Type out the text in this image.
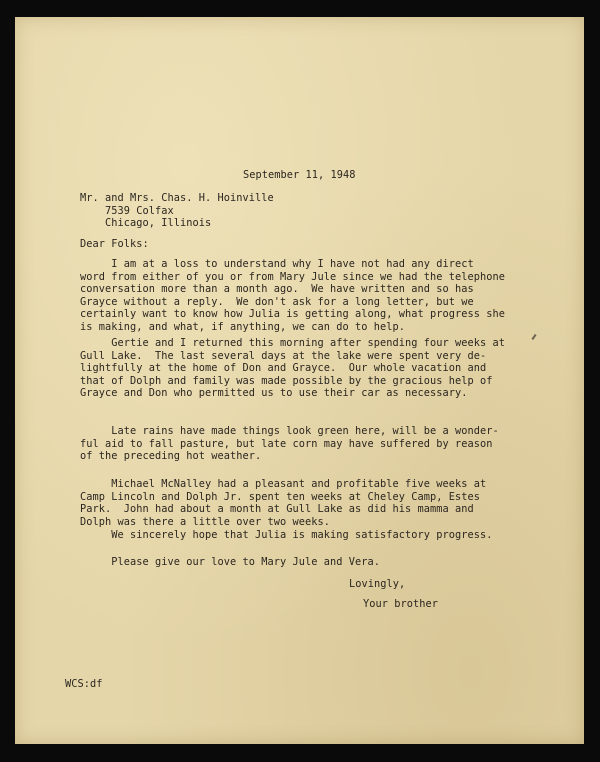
September 11, 1948

Mr. and Mrs. Chas. H. Hoinville
7539 Colfax
Chicago, Illinois

Dear Folks:

I am at a loss to understand why I have not had any direct
word from either of you or from Mary Jule since we had the telephone
conversation more than a month ago.  We have written and so has
Grayce without a reply.  We don't ask for a long letter, but we
certainly want to know how Julia is getting along, what progress she
is making, and what, if anything, we can do to help.
Gertie and I returned this morning after spending four weeks at
Gull Lake.  The last several days at the lake were spent very de-
lightfully at the home of Don and Grayce.  Our whole vacation and
that of Dolph and family was made possible by the gracious help of
Grayce and Don who permitted us to use their car as necessary.
Late rains have made things look green here, will be a wonder-
ful aid to fall pasture, but late corn may have suffered by reason
of the preceding hot weather.
Michael McNalley had a pleasant and profitable five weeks at
Camp Lincoln and Dolph Jr. spent ten weeks at Cheley Camp, Estes
Park.  John had about a month at Gull Lake as did his mamma and
Dolph was there a little over two weeks.
We sincerely hope that Julia is making satisfactory progress.
Please give our love to Mary Jule and Vera.

Lovingly,

Your brother

WCS:df
